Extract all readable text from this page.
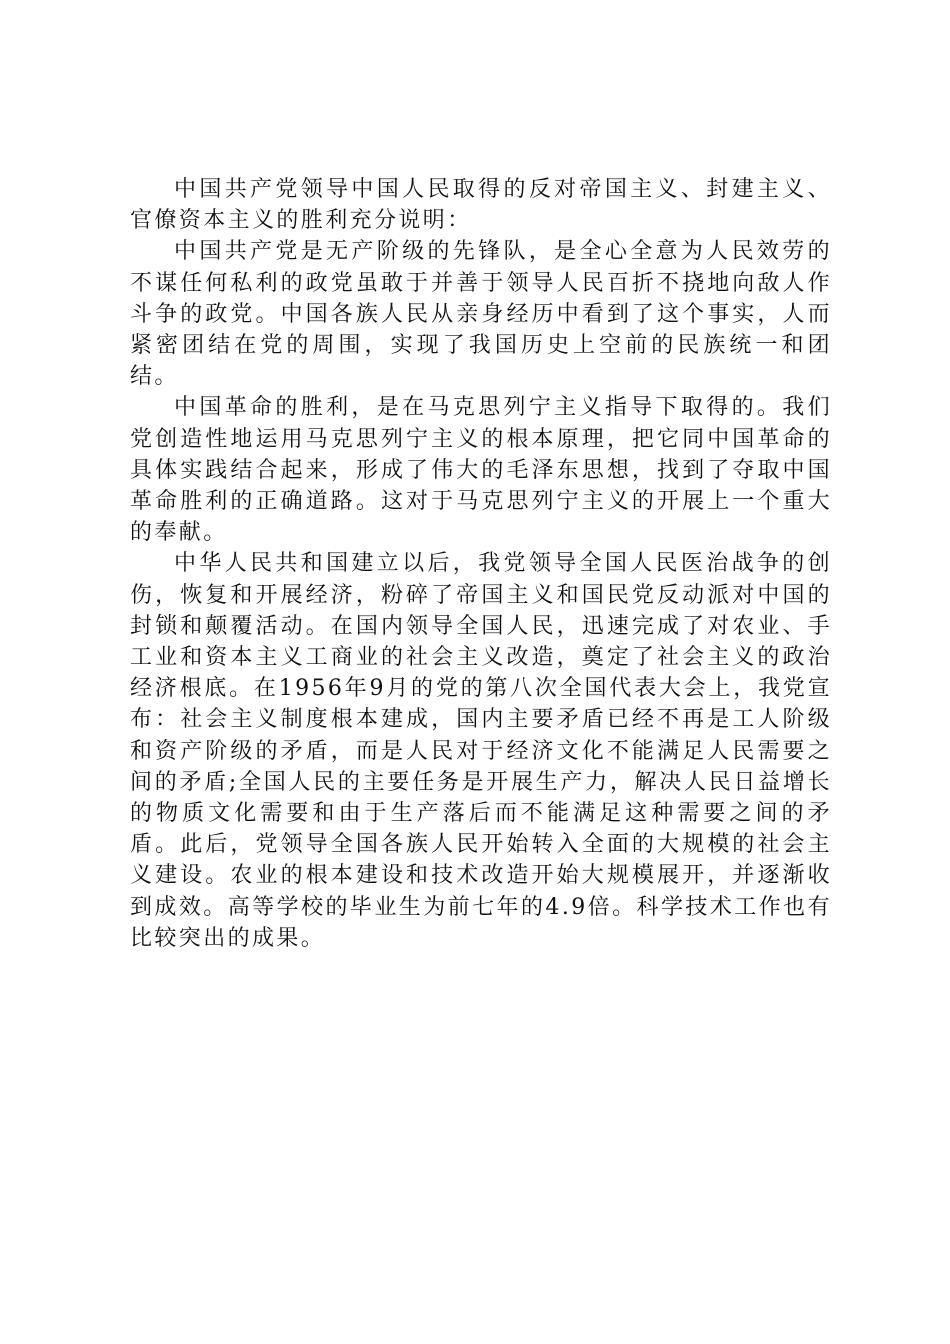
中国共产党领导中国人民取得的反对帝国主义、封建主义、官僚资本主义的胜利充分说明：

中国共产党是无产阶级的先锋队，是全心全意为人民效劳的不谋任何私利的政党虽敢于并善于领导人民百折不挠地向敌人作斗争的政党。中国各族人民从亲身经历中看到了这个事实，人而紧密团结在党的周围，实现了我国历史上空前的民族统一和团结。

中国革命的胜利，是在马克思列宁主义指导下取得的。我们党创造性地运用马克思列宁主义的根本原理，把它同中国革命的具体实践结合起来，形成了伟大的毛泽东思想，找到了夺取中国革命胜利的正确道路。这对于马克思列宁主义的开展上一个重大的奉献。

中华人民共和国建立以后，我党领导全国人民医治战争的创伤，恢复和开展经济，粉碎了帝国主义和国民党反动派对中国的封锁和颠覆活动。在国内领导全国人民，迅速完成了对农业、手工业和资本主义工商业的社会主义改造，奠定了社会主义的政治经济根底。在1956年9月的党的第八次全国代表大会上，我党宣布：社会主义制度根本建成，国内主要矛盾已经不再是工人阶级和资产阶级的矛盾，而是人民对于经济文化不能满足人民需要之间的矛盾;全国人民的主要任务是开展生产力，解决人民日益增长的物质文化需要和由于生产落后而不能满足这种需要之间的矛盾。此后，党领导全国各族人民开始转入全面的大规模的社会主义建设。农业的根本建设和技术改造开始大规模展开，并逐渐收到成效。高等学校的毕业生为前七年的4.9倍。科学技术工作也有比较突出的成果。
